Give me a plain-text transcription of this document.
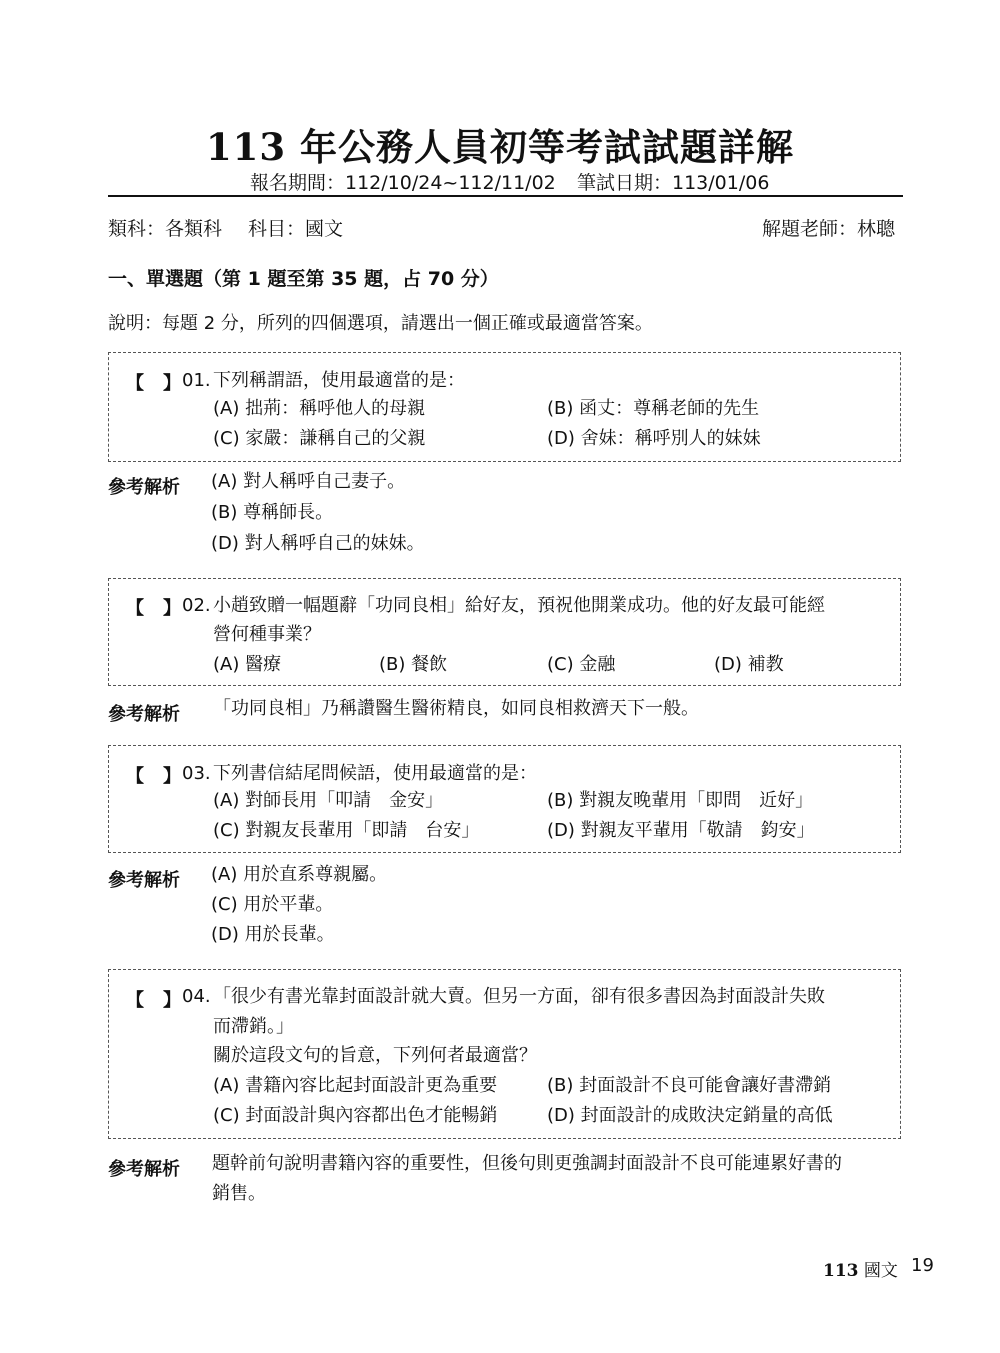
113 年公務人員初等考試試題詳解
報名期間：112/10/24~112/11/02 筆試日期：113/01/06
類科：各類科 科目：國文	解題老師：林聰
一、單選題（第 1 題至第 35 題，占 70 分）
說明：每題 2 分，所列的四個選項，請選出一個正確或最適當答案。
【 】 01. 下列稱謂語，使用最適當的是：
(A) 拙荊：稱呼他人的母親	(B) 函丈：尊稱老師的先生
(C) 家嚴：謙稱自己的父親	(D) 舍妹：稱呼別人的妹妹
參考解析 (A) 對人稱呼自己妻子。
(B) 尊稱師長。
(D) 對人稱呼自己的妹妹。
【 】 02. 小趙致贈一幅題辭「功同良相」給好友，預祝他開業成功。他的好友最可能經
營何種事業？
(A) 醫療	(B) 餐飲	(C) 金融	(D) 補教
參考解析 「功同良相」乃稱讚醫生醫術精良，如同良相救濟天下一般。
【 】 03. 下列書信結尾問候語，使用最適當的是：
(A) 對師長用「叩請　金安」	(B) 對親友晚輩用「即問　近好」
(C) 對親友長輩用「即請　台安」	(D) 對親友平輩用「敬請　鈞安」
參考解析 (A) 用於直系尊親屬。
(C) 用於平輩。
(D) 用於長輩。
【 】 04. 「很少有書光靠封面設計就大賣。但另一方面，卻有很多書因為封面設計失敗
而滯銷。」
關於這段文句的旨意，下列何者最適當？
(A) 書籍內容比起封面設計更為重要	(B) 封面設計不良可能會讓好書滯銷
(C) 封面設計與內容都出色才能暢銷	(D) 封面設計的成敗決定銷量的高低
參考解析 題幹前句說明書籍內容的重要性，但後句則更強調封面設計不良可能連累好書的
銷售。
113 國文 19
